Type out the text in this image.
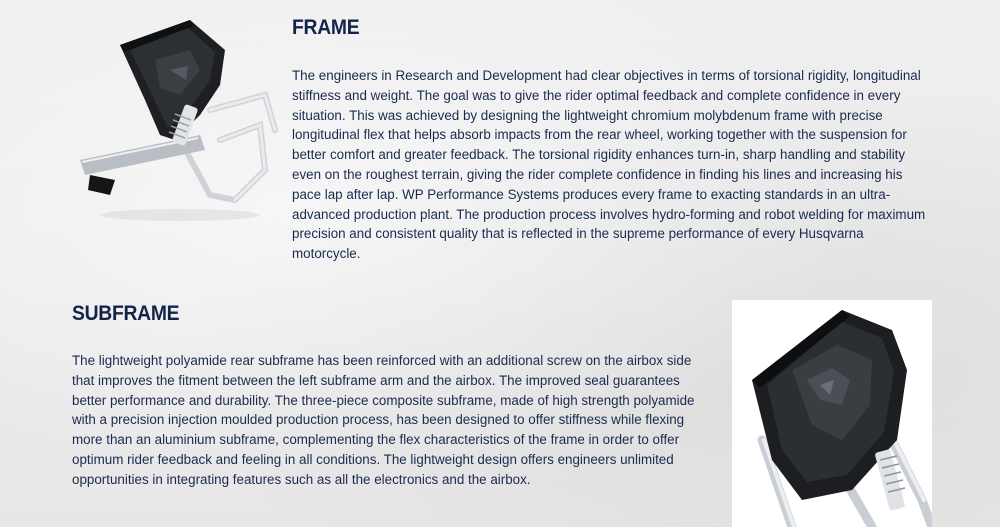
FRAME

The engineers in Research and Development had clear objectives in terms of torsional rigidity, longitudinal stiffness and weight. The goal was to give the rider optimal feedback and complete confidence in every situation. This was achieved by designing the lightweight chromium molybdenum frame with precise longitudinal flex that helps absorb impacts from the rear wheel, working together with the suspension for better comfort and greater feedback. The torsional rigidity enhances turn-in, sharp handling and stability even on the roughest terrain, giving the rider complete confidence in finding his lines and increasing his pace lap after lap. WP Performance Systems produces every frame to exacting standards in an ultra-advanced production plant. The production process involves hydro-forming and robot welding for maximum precision and consistent quality that is reflected in the supreme performance of every Husqvarna motorcycle.

SUBFRAME

The lightweight polyamide rear subframe has been reinforced with an additional screw on the airbox side that improves the fitment between the left subframe arm and the airbox. The improved seal guarantees better performance and durability. The three-piece composite subframe, made of high strength polyamide with a precision injection moulded production process, has been designed to offer stiffness while flexing more than an aluminium subframe, complementing the flex characteristics of the frame in order to offer optimum rider feedback and feeling in all conditions. The lightweight design offers engineers unlimited opportunities in integrating features such as all the electronics and the airbox.
